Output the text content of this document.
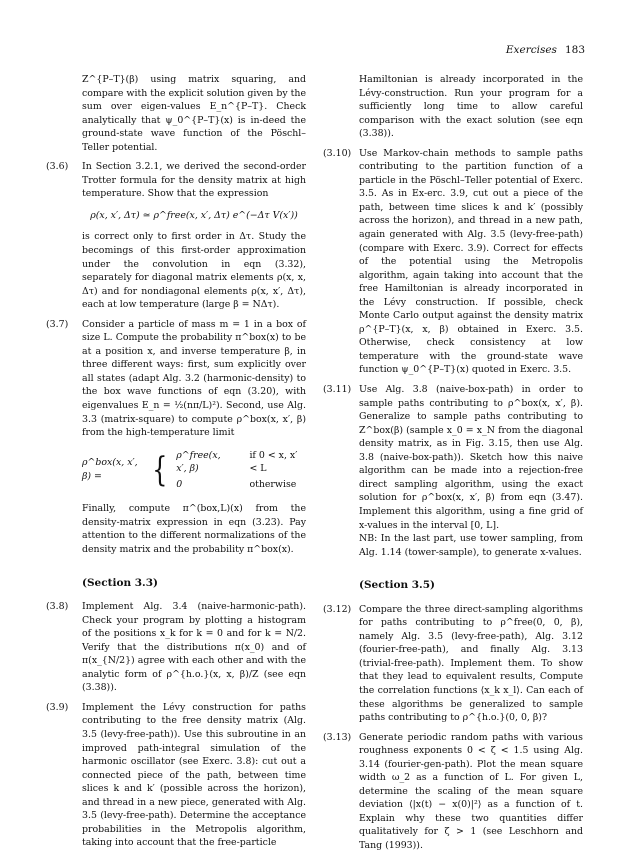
Exercises 183

Z^{P–T}(β) using matrix squaring, and compare with the explicit solution given by the sum over eigen-values E_n^{P–T}. Check analytically that ψ_0^{P–T}(x) is in-deed the ground-state wave function of the Pöschl–Teller potential.

(3.6) In Section 3.2.1, we derived the second-order Trotter formula for the density matrix at high temperature. Show that the expression

ρ(x, x′, Δτ) ≃ ρ^free(x, x′, Δτ) e^(−Δτ V(x′))

is correct only to first order in Δτ. Study the becomings of this first-order approximation under the convolution in eqn (3.32), separately for diagonal matrix elements ρ(x, x, Δτ) and for nondiagonal elements ρ(x, x′, Δτ), each at low temperature (large β = NΔτ).

(3.7) Consider a particle of mass m = 1 in a box of size L. Compute the probability π^box(x) to be at a position x, and inverse temperature β, in three different ways: first, sum explicitly over all states (adapt Alg. 3.2 (harmonic-density) to the box wave functions of eqn (3.20), with eigenvalues E_n = ½(nπ/L)²). Second, use Alg. 3.3 (matrix-square) to compute ρ^box(x, x′, β) from the high-temperature limit

ρ^box(x, x′, β) =	{ ρ^free(x, x′, β)	if 0 < x, x′ < L
0	otherwise

Finally, compute π^(box,L)(x) from the density-matrix expression in eqn (3.23). Pay attention to the different normalizations of the density matrix and the probability π^box(x).

(Section 3.3)
(3.8) Implement Alg. 3.4 (naive-harmonic-path). Check your program by plotting a histogram of the positions x_k for k = 0 and for k = N/2. Verify that the distributions π(x_0) and of π(x_{N/2}) agree with each other and with the analytic form of ρ^{h.o.}(x, x, β)/Z (see eqn (3.38)).

(3.9) Implement the Lévy construction for paths contributing to the free density matrix (Alg. 3.5 (levy-free-path)). Use this subroutine in an improved path-integral simulation of the harmonic oscillator (see Exerc. 3.8): cut out a connected piece of the path, between time slices k and k′ (possible across the horizon), and thread in a new piece, generated with Alg. 3.5 (levy-free-path). Determine the acceptance probabilities in the Metropolis algorithm, taking into account that the free-particle

Hamiltonian is already incorporated in the Lévy-construction. Run your program for a sufficiently long time to allow careful comparison with the exact solution (see eqn (3.38)).

(3.10) Use Markov-chain methods to sample paths contributing to the partition function of a particle in the Pöschl–Teller potential of Exerc. 3.5. As in Ex-erc. 3.9, cut out a piece of the path, between time slices k and k′ (possibly across the horizon), and thread in a new path, again generated with Alg. 3.5 (levy-free-path) (compare with Exerc. 3.9). Correct for effects of the potential using the Metropolis algorithm, again taking into account that the free Hamiltonian is already incorporated in the Lévy construction. If possible, check Monte Carlo output against the density matrix ρ^{P–T}(x, x, β) obtained in Exerc. 3.5. Otherwise, check consistency at low temperature with the ground-state wave function ψ_0^{P–T}(x) quoted in Exerc. 3.5.

(3.11) Use Alg. 3.8 (naive-box-path) in order to sample paths contributing to ρ^box(x, x′, β). Generalize to sample paths contributing to Z^box(β) (sample x_0 = x_N from the diagonal density matrix, as in Fig. 3.15, then use Alg. 3.8 (naive-box-path)). Sketch how this naive algorithm can be made into a rejection-free direct sampling algorithm, using the exact solution for ρ^box(x, x′, β) from eqn (3.47). Implement this algorithm, using a fine grid of x-values in the interval [0, L].

NB: In the last part, use tower sampling, from Alg. 1.14 (tower-sample), to generate x-values.

(Section 3.5)
(3.12) Compare the three direct-sampling algorithms for paths contributing to ρ^free(0, 0, β), namely Alg. 3.5 (levy-free-path), Alg. 3.12 (fourier-free-path), and finally Alg. 3.13 (trivial-free-path). Implement them. To show that they lead to equivalent results, Compute the correlation functions ⟨x_k x_l⟩. Can each of these algorithms be generalized to sample paths contributing to ρ^{h.o.}(0, 0, β)?

(3.13) Generate periodic random paths with various roughness exponents 0 < ζ < 1.5 using Alg. 3.14 (fourier-gen-path). Plot the mean square width ω_2 as a function of L. For given L, determine the scaling of the mean square deviation ⟨|x(t) − x(0)|²⟩ as a function of t. Explain why these two quantities differ qualitatively for ζ > 1 (see Leschhorn and Tang (1993)).
